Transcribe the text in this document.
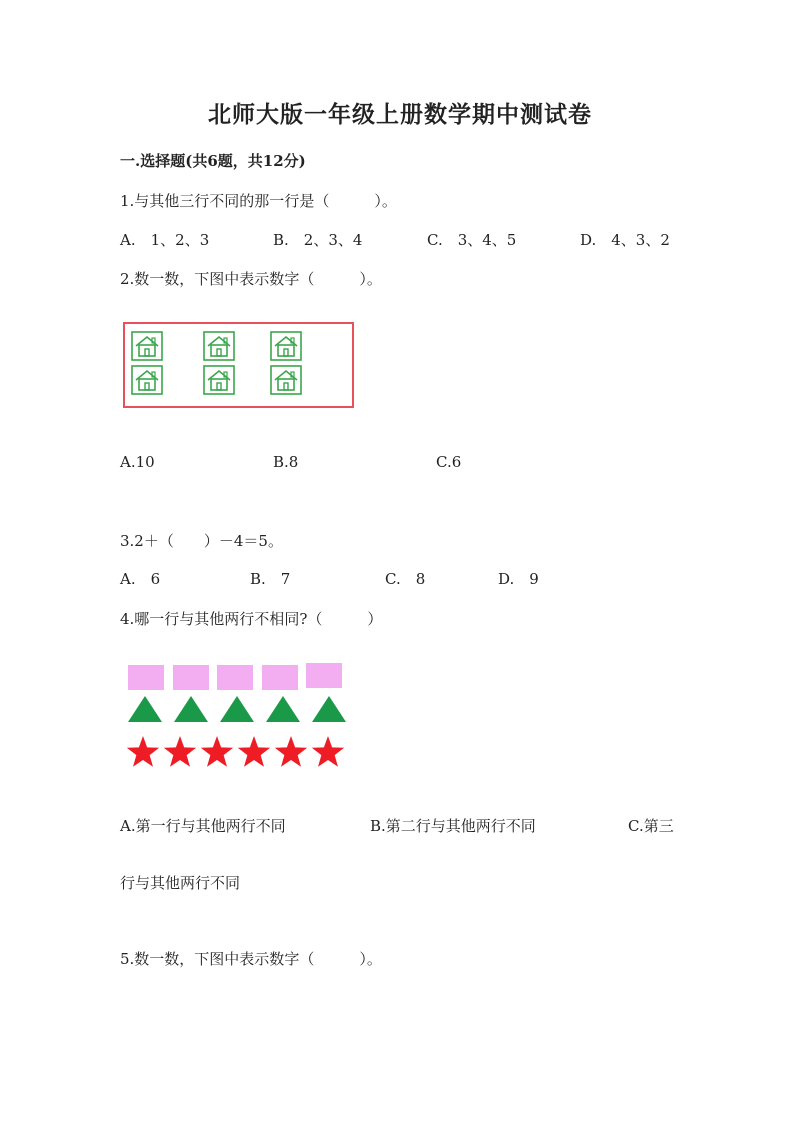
北师大版一年级上册数学期中测试卷
一.选择题(共6题，共12分)
1.与其他三行不同的那一行是（　　　）。
A.　1、2、3	B.　2、3、4	C.　3、4、5	D.　4、3、2
2.数一数，下图中表示数字（　　　）。
A.10	B.8	C.6
3.2＋（　　）－4＝5。
A.　6	B.　7	C.　8	D.　9
4.哪一行与其他两行不相同?（　　　）
A.第一行与其他两行不同	B.第二行与其他两行不同	C.第三
行与其他两行不同
5.数一数，下图中表示数字（　　　）。
